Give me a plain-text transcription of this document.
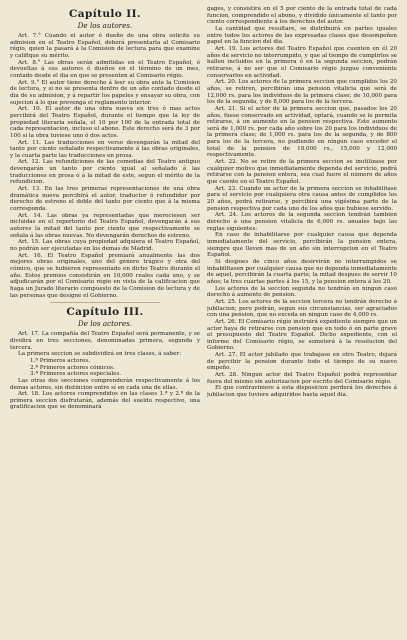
Capítulo II.
De los autores.

Art. 7.° Cuando el autor ó dueño de una obra solicite su admision en el Teatro Español, deberá presentarla al Comisario régio, quien la pasará á la Comision de lectura para que examine y califique su mérito.

Art. 8.° Las obras serán admitidas en el Teatro Español, ó devueltas á sus autores ó dueños en el término de un mes, contado desde el dia en que se presenten al Comisario régio.

Art. 9.° El autor tiene derecho á leer su obra ante la Comision de lectura, y si no se presenta dentro de un año contado desde el dia de su admision, y á repartir los papeles y ensayar su obra, con sujecion á lo que prevenga el reglamento interior.

Art. 10. El autor de una obra nueva en tres ó mas actos percibirá del Teatro Español, durante el tiempo que la ley de propiedad literaria señala, el 10 por 100 de la entrada total de cada representacion, incluso el abono. Este derecho será de 3 por 100 si la obra tuviese uno ó dos actos.

Art. 11. Las traducciones en verso devengarán la mitad del tanto por ciento señalado respectivamente á las obras originales, y la cuarta parte las traducciones en prosa.

Art. 12. Las refundiciones de las comedias del Teatro antiguo devengarán un tanto por ciento igual al señalado á las traducciones en prosa ó á la mitad de este, segun el mérito de la refundicion.

Art. 13. En las tres primeras representaciones de una obra dramática nueva percibirá el autor, traductor ó refundidor por derecho de estreno el doble del tanto por ciento que á la misma corresponda.

Art. 14. Las obras ya representadas que mereciesen ser incluidas en el repertorio del Teatro Español, devengarán á sus autores la mitad del tanto por ciento que respectivamente se señala á las obras nuevas. No devengarán derechos de estreno.

Art. 15. Las obras cuya propiedad adquiera el Teatro Español, no podrán ser ejecutadas en los demas de Madrid.

Art. 16. El Teatro Español premiará anualmente las dos mejores obras originales, uno del género trágico y otra del cómico, que se hubieren representado en dicho Teatro durante el año. Estos premios consistirán en 10,000 reales cada uno, y se adjudicarán por el Comisario régio en vista de la calificacion que haga un Jurado literario compuesto de la Comision de lectura y de las personas que designe el Gobierno.

Capítulo III.
De los actores.

Art. 17. La compañía del Teatro Español será permanente, y se dividirá en tres secciones, denominadas primera, segunda y tercera.

La primera seccion se subdividirá en tres clases, á saber:

1.ª Primeros actores.
2.ª Primeros actores cómicos.
3.ª Primeros actores especiales.

Las otras dos secciones comprenderán respectivamente á los demas actores, sin distincion entre sí en cada una de ellas.

Art. 18. Los actores comprendidos en las clases 1.ª y 2.ª de la primera seccion disfrutarán, además del sueldo respectivo, una gratificacion que se denominará

gages, y consistirá en el 5 por ciento de la entrada total de cada funcion, comprendido el abono, y dividido únicamente el tanto por ciento correspondiente á los derechos del autor.

La cantidad que resultare, se distribuirá en partes iguales entre todos los actores de las expresadas clases que desempeñen papel en la funcion del dia.

Art. 19. Los actores del Teatro Español que cuenten en él 20 años de servicio no interrumpido, y que al tiempo de cumplirlos se hallen incluidos en la primera ó en la segunda seccion, podrán retirarse, á no ser que el Comisario régio juzgue conveniente conservarlos en actividad.

Art. 20. Los actores de la primera seccion que cumplidos los 20 años, se retiren, percibirán una pension vitalicia que será de 12,000 rs. para los individuos de la primera clase; de 10,000 para los de la segunda, y de 8,000 para los de la tercera.

Art. 21. Si el actor de la primera seccion que, pasados los 20 años, fuese conservado en actividad, optará, cuando se le permita retirarse, á un aumento en la pension respectiva. Este aumento será de 1,000 rs. por cada año sobre los 20 para los individuos de la primera clase; de 1,000 rs. para los de la segunda, y de 800 para los de la tercera, no pudiendo en ningun caso exceder el total de la pension de 18,000 rs., 15,000 y 12,000 respectivamente.

Art. 22. No se retire de la primera seccion se inutilizase por cualquier motivo que inmediatamente dependa del servicio, podrá retirarse con la pension entera, sea cual fuere el número de años que cuente en el Teatro Español.

Art. 23. Cuando un actor de la primera seccion se inhabilitase para el servicio por cualquiera otra causa antes de cumplidos los 20 años, podrá retirarse, y percibirá una vigésima parte de la pension respectiva por cada uno de los años que hubiese servido.

Art. 24. Los actores de la segunda seccion tendrán tambien derecho á una pension vitalicia de 6,000 rs. anuales bajo las reglas siguientes:

En caso de inhabilitarse por cualquier causa que dependa inmediatamente del servicio, percibirán la pension entera, siempre que lleven mas de un año sin interrupcion en el Teatro Español.

Si despues de cinco años desirvirán no interrumpidos se inhabilitasen por cualquier causa que no dependa inmediatamente de aquel, percibirán la cuarta parte; la mitad despues de servir 10 años; la tres cuartas partes á los 15, y la pension entera á los 20.

Los actores de la seccion segunda no tendrán en ningun caso derecho á aumento de pension.

Art. 25. Los actores de la seccion tercera no tendrán derecho á jubilacion; pero podrán, segun sus circunstancias, ser agraciados con una pension, que no exceda en ningun caso de 4,000 rs.

Art. 26. El Comisario régio instruirá expediente siempre que un actor haya de retirarse con pension que en todo ó en parte grave el presupuesto del Teatro Español. Dicho expediente, con el informe del Comisario régio, se someterá á la resolucion del Gobierno.

Art. 27. El actor jubilado que trabajase en otro Teatro, dejará de percibir la pension durante todo el tiempo de su nuevo empeño.

Art. 28. Ningun actor del Teatro Español podrá representar fuera del mismo sin autorizacion por escrito del Comisario régio.

El que contraviniere á esta disposicion perderá los derechos á jubilacion que tuviere adquiridos hasta aquel dia.
